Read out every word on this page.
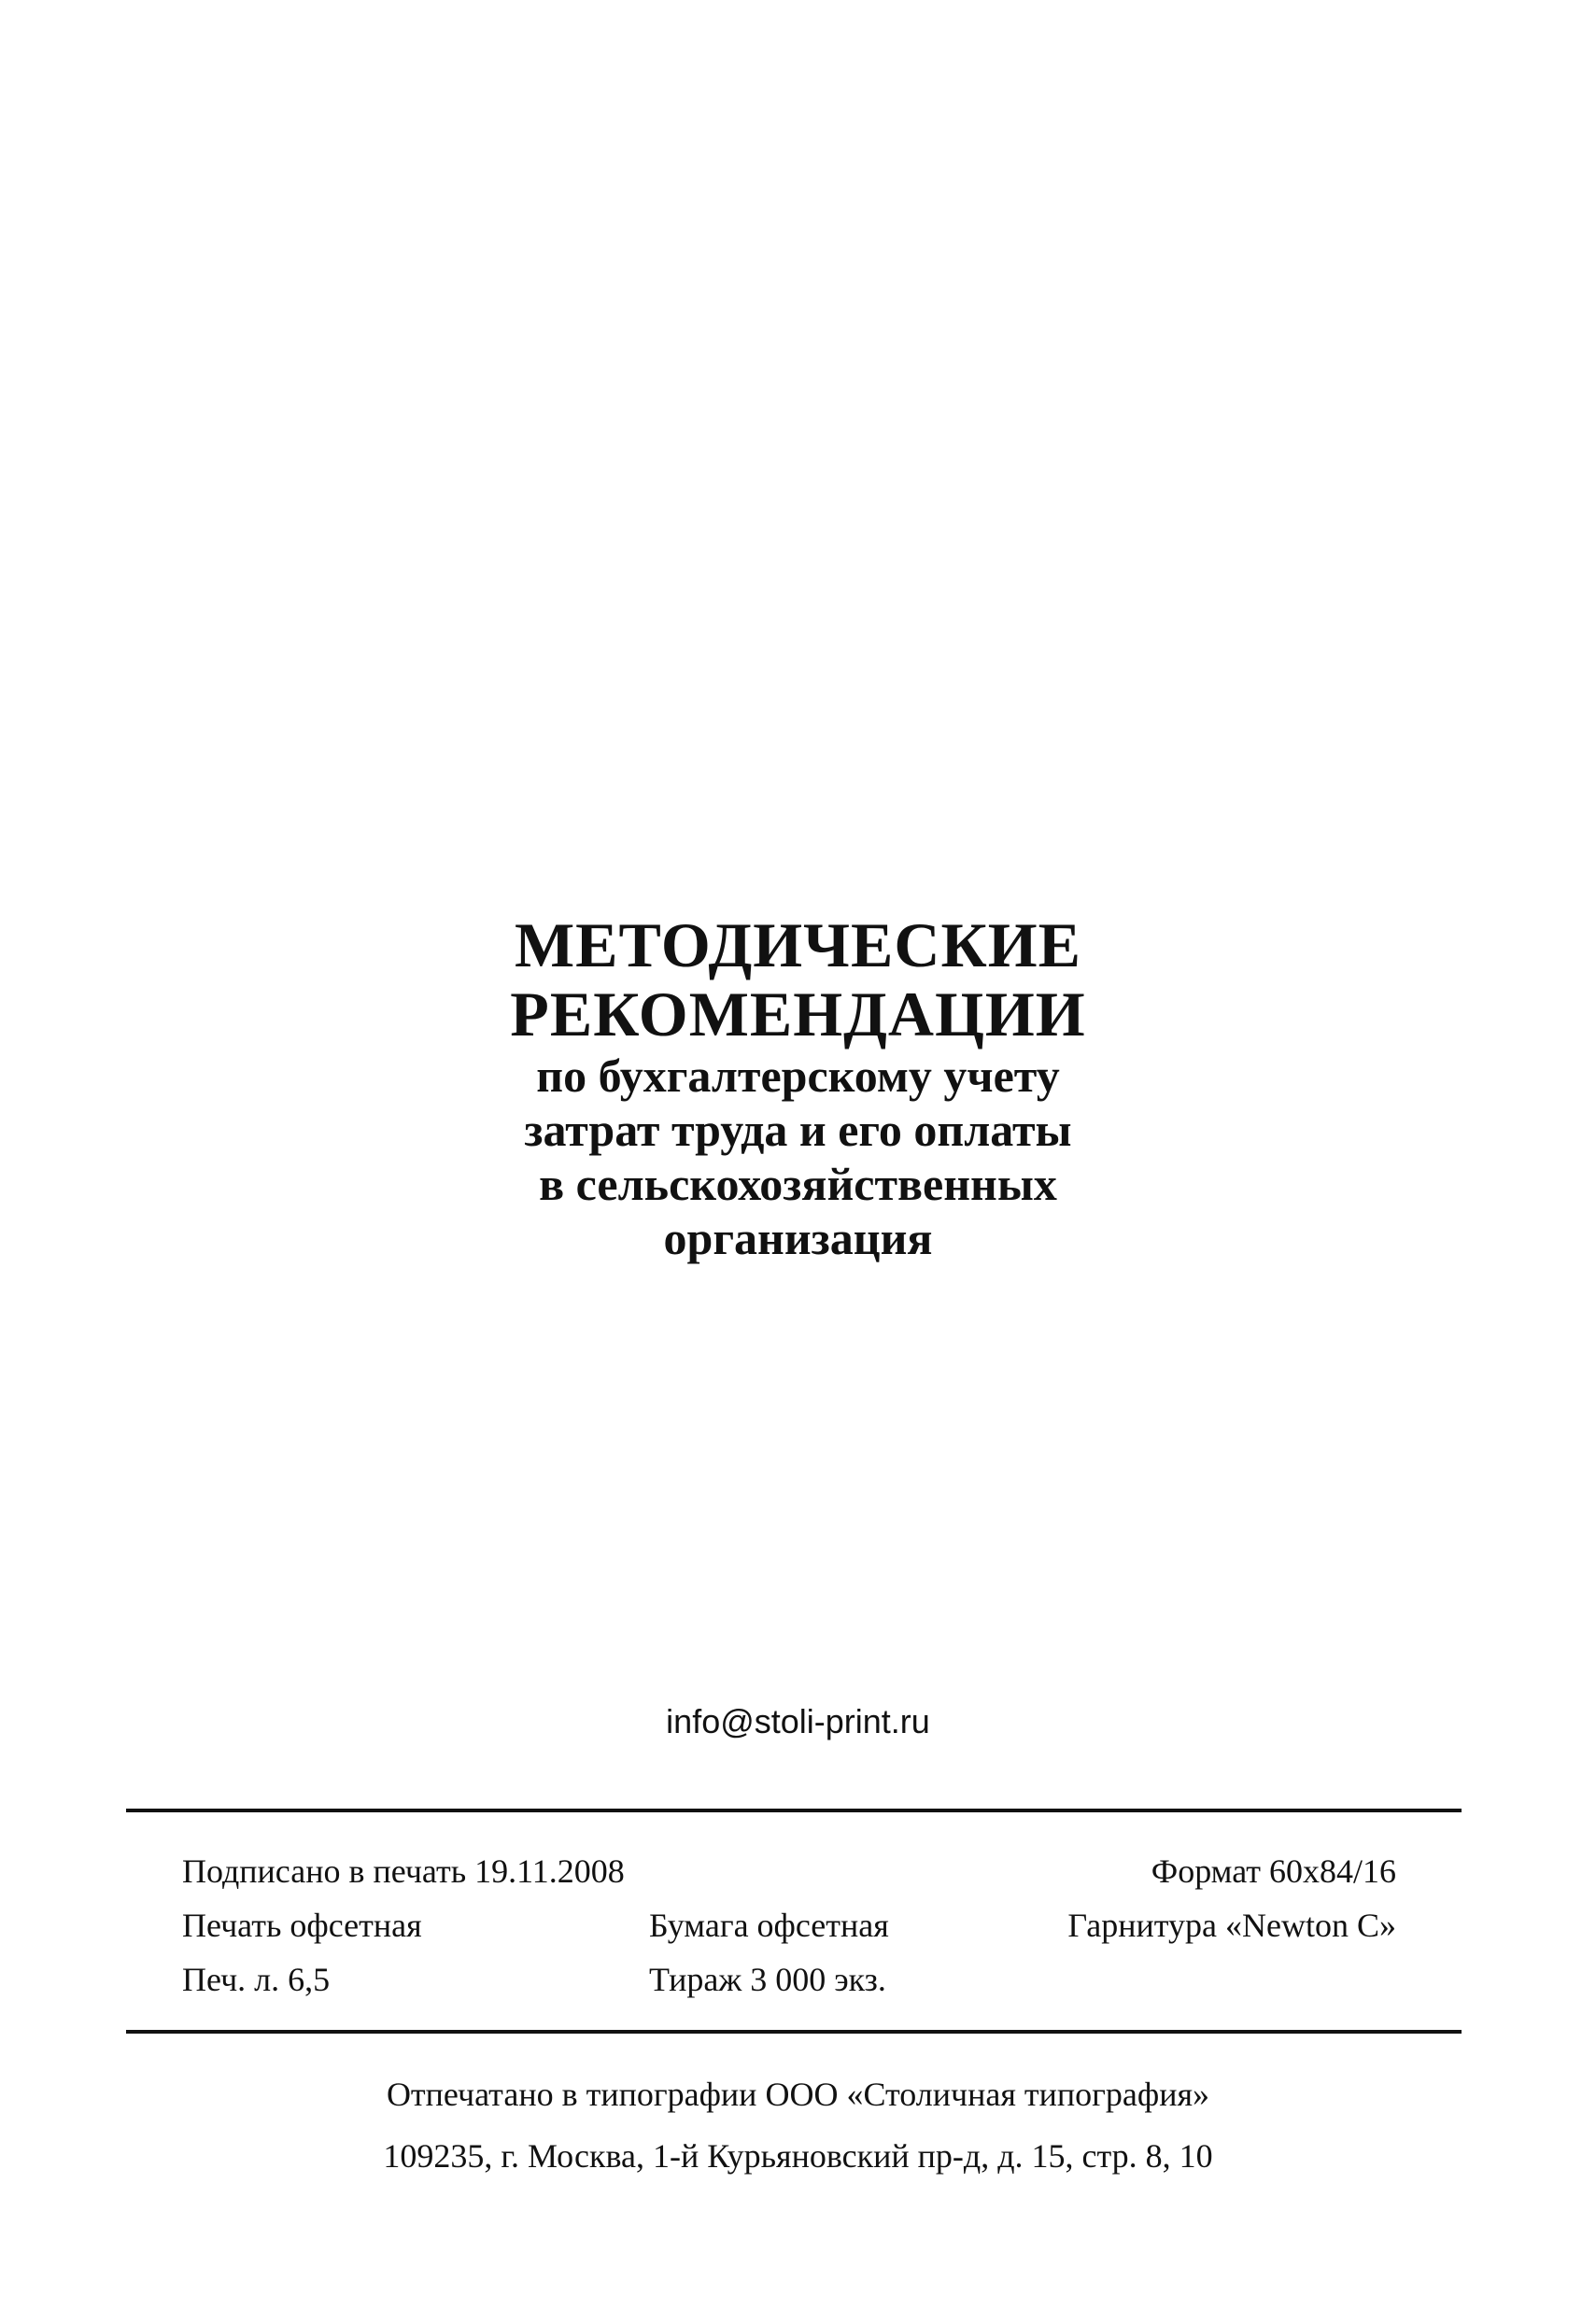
МЕТОДИЧЕСКИЕ

РЕКОМЕНДАЦИИ

по бухгалтерскому учету

затрат труда и его оплаты

в сельскохозяйственных

организация

info@stoli-print.ru
Подписано в печать 19.11.2008	Формат 60х84/16
Печать офсетная	Бумага офсетная	Гарнитура «Newton С»
Печ. л. 6,5	Тираж 3 000 экз.
Отпечатано в типографии ООО «Столичная типография»
109235, г. Москва, 1-й Курьяновский пр-д, д. 15, стр. 8, 10
